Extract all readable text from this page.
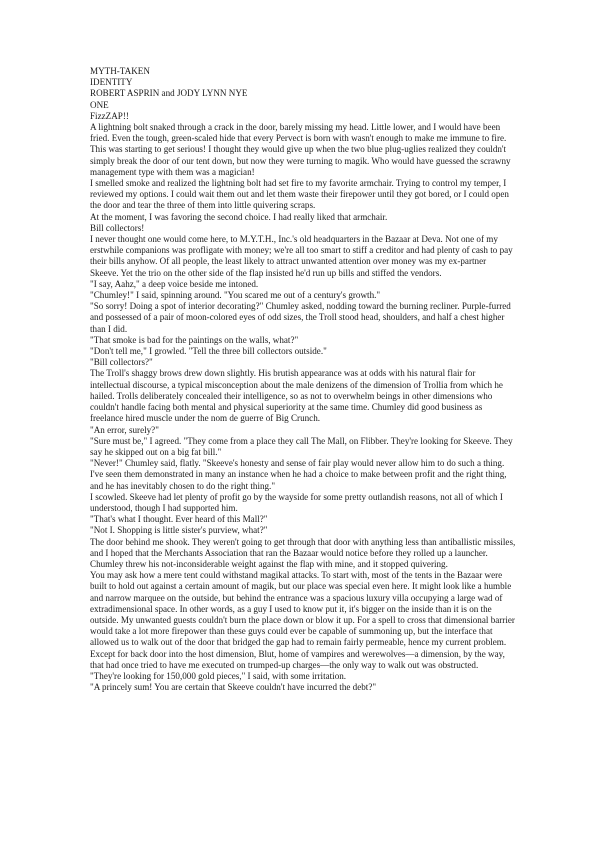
MYTH-TAKEN

IDENTITY

ROBERT ASPRIN and JODY LYNN NYE

ONE

FizzZAP!!

A lightning bolt snaked through a crack in the door, barely missing my head. Little lower, and I would have been fried. Even the tough, green-scaled hide that every Pervect is born with wasn't enough to make me immune to fire.

This was starting to get serious! I thought they would give up when the two blue plug-uglies realized they couldn't simply break the door of our tent down, but now they were turning to magik. Who would have guessed the scrawny management type with them was a magician!

I smelled smoke and realized the lightning bolt had set fire to my favorite armchair. Trying to control my temper, I reviewed my options. I could wait them out and let them waste their firepower until they got bored, or I could open the door and tear the three of them into little quivering scraps.

At the moment, I was favoring the second choice. I had really liked that armchair.

Bill collectors!

I never thought one would come here, to M.Y.T.H., Inc.'s old headquarters in the Bazaar at Deva. Not one of my erstwhile companions was profligate with money; we're all too smart to stiff a creditor and had plenty of cash to pay their bills anyhow. Of all people, the least likely to attract unwanted attention over money was my ex-partner Skeeve. Yet the trio on the other side of the flap insisted he'd run up bills and stiffed the vendors.

"I say, Aahz," a deep voice beside me intoned.

"Chumley!" I said, spinning around. "You scared me out of a century's growth."

"So sorry! Doing a spot of interior decorating?" Chumley asked, nodding toward the burning recliner. Purple-furred and possessed of a pair of moon-colored eyes of odd sizes, the Troll stood head, shoulders, and half a chest higher than I did.

"That smoke is bad for the paintings on the walls, what?"

"Don't tell me," I growled. "Tell the three bill collectors outside."

"Bill collectors?"

The Troll's shaggy brows drew down slightly. His brutish appearance was at odds with his natural flair for intellectual discourse, a typical misconception about the male denizens of the dimension of Trollia from which he hailed. Trolls deliberately concealed their intelligence, so as not to overwhelm beings in other dimensions who couldn't handle facing both mental and physical superiority at the same time. Chumley did good business as freelance hired muscle under the nom de guerre of Big Crunch.

"An error, surely?"

"Sure must be," I agreed. "They come from a place they call The Mall, on Flibber. They're looking for Skeeve. They say he skipped out on a big fat bill."

"Never!" Chumley said, flatly. "Skeeve's honesty and sense of fair play would never allow him to do such a thing. I've seen them demonstrated in many an instance when he had a choice to make between profit and the right thing,

and he has inevitably chosen to do the right thing."

I scowled. Skeeve had let plenty of profit go by the wayside for some pretty outlandish reasons, not all of which I understood, though I had supported him.

"That's what I thought. Ever heard of this Mall?"

"Not I. Shopping is little sister's purview, what?"

The door behind me shook. They weren't going to get through that door with anything less than antiballistic missiles, and I hoped that the Merchants Association that ran the Bazaar would notice before they rolled up a launcher. Chumley threw his not-inconsiderable weight against the flap with mine, and it stopped quivering.

You may ask how a mere tent could withstand magikal attacks. To start with, most of the tents in the Bazaar were built to hold out against a certain amount of magik, but our place was special even here. It might look like a humble and narrow marquee on the outside, but behind the entrance was a spacious luxury villa occupying a large wad of extradimensional space. In other words, as a guy I used to know put it, it's bigger on the inside than it is on the outside. My unwanted guests couldn't burn the place down or blow it up. For a spell to cross that dimensional barrier would take a lot more firepower than these guys could ever be capable of summoning up, but the interface that allowed us to walk out of the door that bridged the gap had to remain fairly permeable, hence my current problem. Except for back door into the host dimension, Blut, home of vampires and werewolves—a dimension, by the way, that had once tried to have me executed on trumped-up charges—the only way to walk out was obstructed.

"They're looking for 150,000 gold pieces," I said, with some irritation.

"A princely sum! You are certain that Skeeve couldn't have incurred the debt?"
